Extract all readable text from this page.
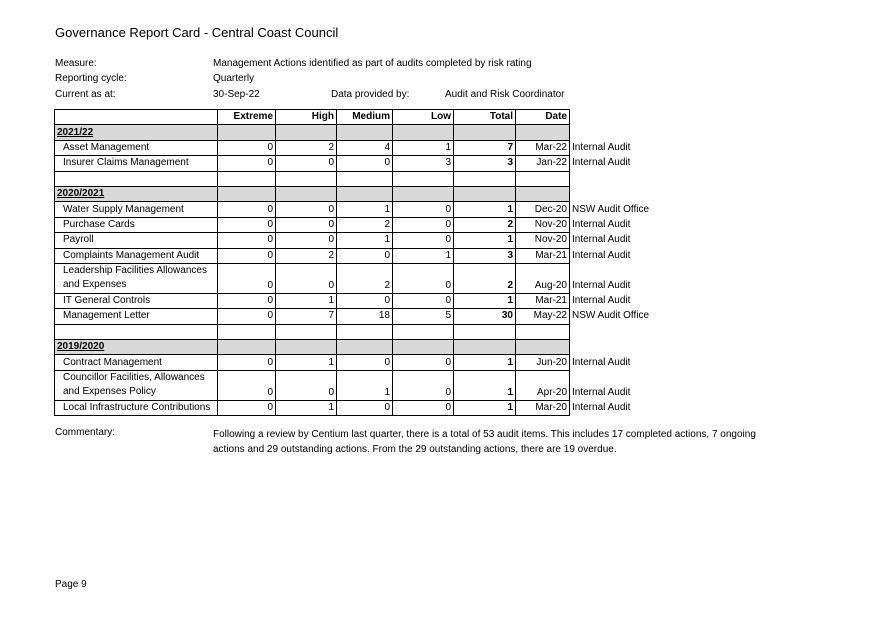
Governance Report Card - Central Coast Council
Measure:	Management Actions identified as part of audits completed by risk rating
Reporting cycle:	Quarterly
Current as at:	30-Sep-22	Data provided by:	Audit and Risk Coordinator
	Extreme	High	Medium	Low	Total	Date	
2021/22							
Asset Management	0	2	4	1	7	Mar-22	Internal Audit
Insurer Claims Management	0	0	0	3	3	Jan-22	Internal Audit

2020/2021							
Water Supply Management	0	0	1	0	1	Dec-20	NSW Audit Office
Purchase Cards	0	0	2	0	2	Nov-20	Internal Audit
Payroll	0	0	1	0	1	Nov-20	Internal Audit
Complaints Management Audit	0	2	0	1	3	Mar-21	Internal Audit
Leadership Facilities Allowances and Expenses	0	0	2	0	2	Aug-20	Internal Audit
IT General Controls	0	1	0	0	1	Mar-21	Internal Audit
Management Letter	0	7	18	5	30	May-22	NSW Audit Office

2019/2020							
Contract Management	0	1	0	0	1	Jun-20	Internal Audit
Councillor Facilities, Allowances and Expenses Policy	0	0	1	0	1	Apr-20	Internal Audit
Local Infrastructure Contributions	0	1	0	0	1	Mar-20	Internal Audit
Commentary:	Following a review by Centium last quarter, there is a total of 53 audit items. This includes 17 completed actions, 7 ongoing actions and 29 outstanding actions. From the 29 outstanding actions, there are 19 overdue.
Page 9
